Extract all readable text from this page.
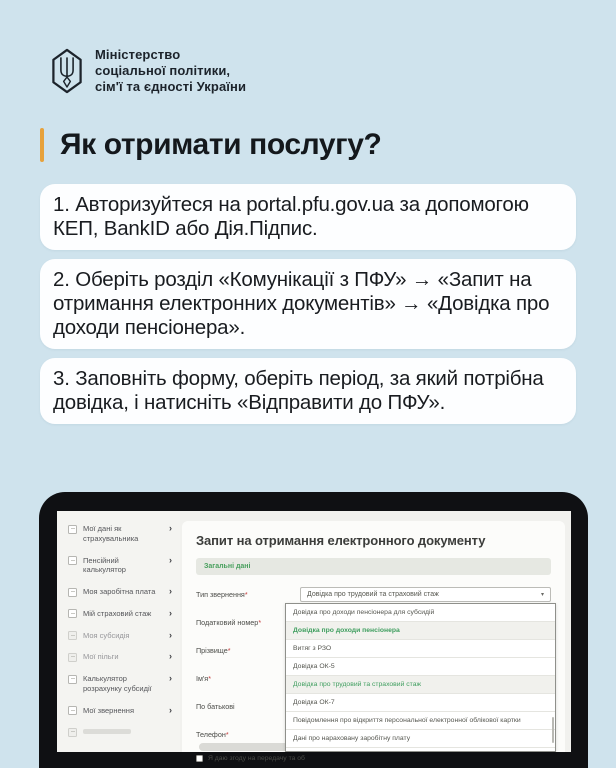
Міністерство
соціальної політики,
сім'ї та єдності України
Як отримати послугу?
1. Авторизуйтеся на portal.pfu.gov.ua за допомогою КЕП, BankID або Дія.Підпис.
2. Оберіть розділ «Комунікації з ПФУ» → «Запит на отримання електронних документів» → «Довідка про доходи пенсіонера».
3. Заповніть форму, оберіть період, за який потрібна довідка, і натисніть «Відправити до ПФУ».
Мої дані як страхувальника
›
Пенсійний калькулятор
›
Моя заробітна плата ›
Мій страховий стаж ›
Моя субсидія	›
Мої пільги	›
Калькулятор розрахунку субсидії
›
Мої звернення	›
Запит на отримання електронного документу
Загальні дані
Тип звернення*	Довідка про трудовий та страховий стаж	▾
Податковий номер*
Прізвище*
Ім'я*
По батькові
Телефон*
Я даю згоду на передачу та об
Довідка про доходи пенсіонера для субсидій
Довідка про доходи пенсіонера
Витяг з РЗО
Довідка ОК-5
Довідка про трудовий та страховий стаж
Довідка ОК-7
Повідомлення про відкриття персональної електронної облікової картки
Дані про нараховану заробітну плату
